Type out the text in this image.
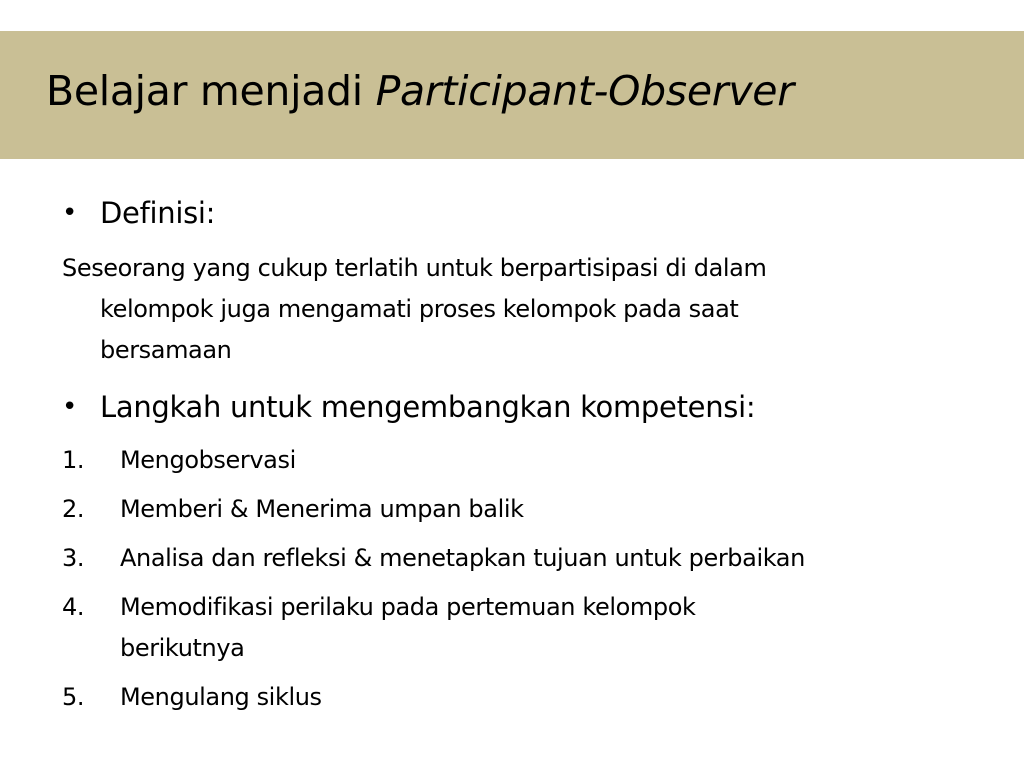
Belajar menjadi Participant-Observer
• Definisi:
Seseorang yang cukup terlatih untuk berpartisipasi di dalam
kelompok juga mengamati proses kelompok pada saat
bersamaan
• Langkah untuk mengembangkan kompetensi:
1.	Mengobservasi
2.	Memberi & Menerima umpan balik
3.	Analisa dan refleksi & menetapkan tujuan untuk perbaikan
4.	Memodifikasi perilaku pada pertemuan kelompok
berikutnya
5.	Mengulang siklus
